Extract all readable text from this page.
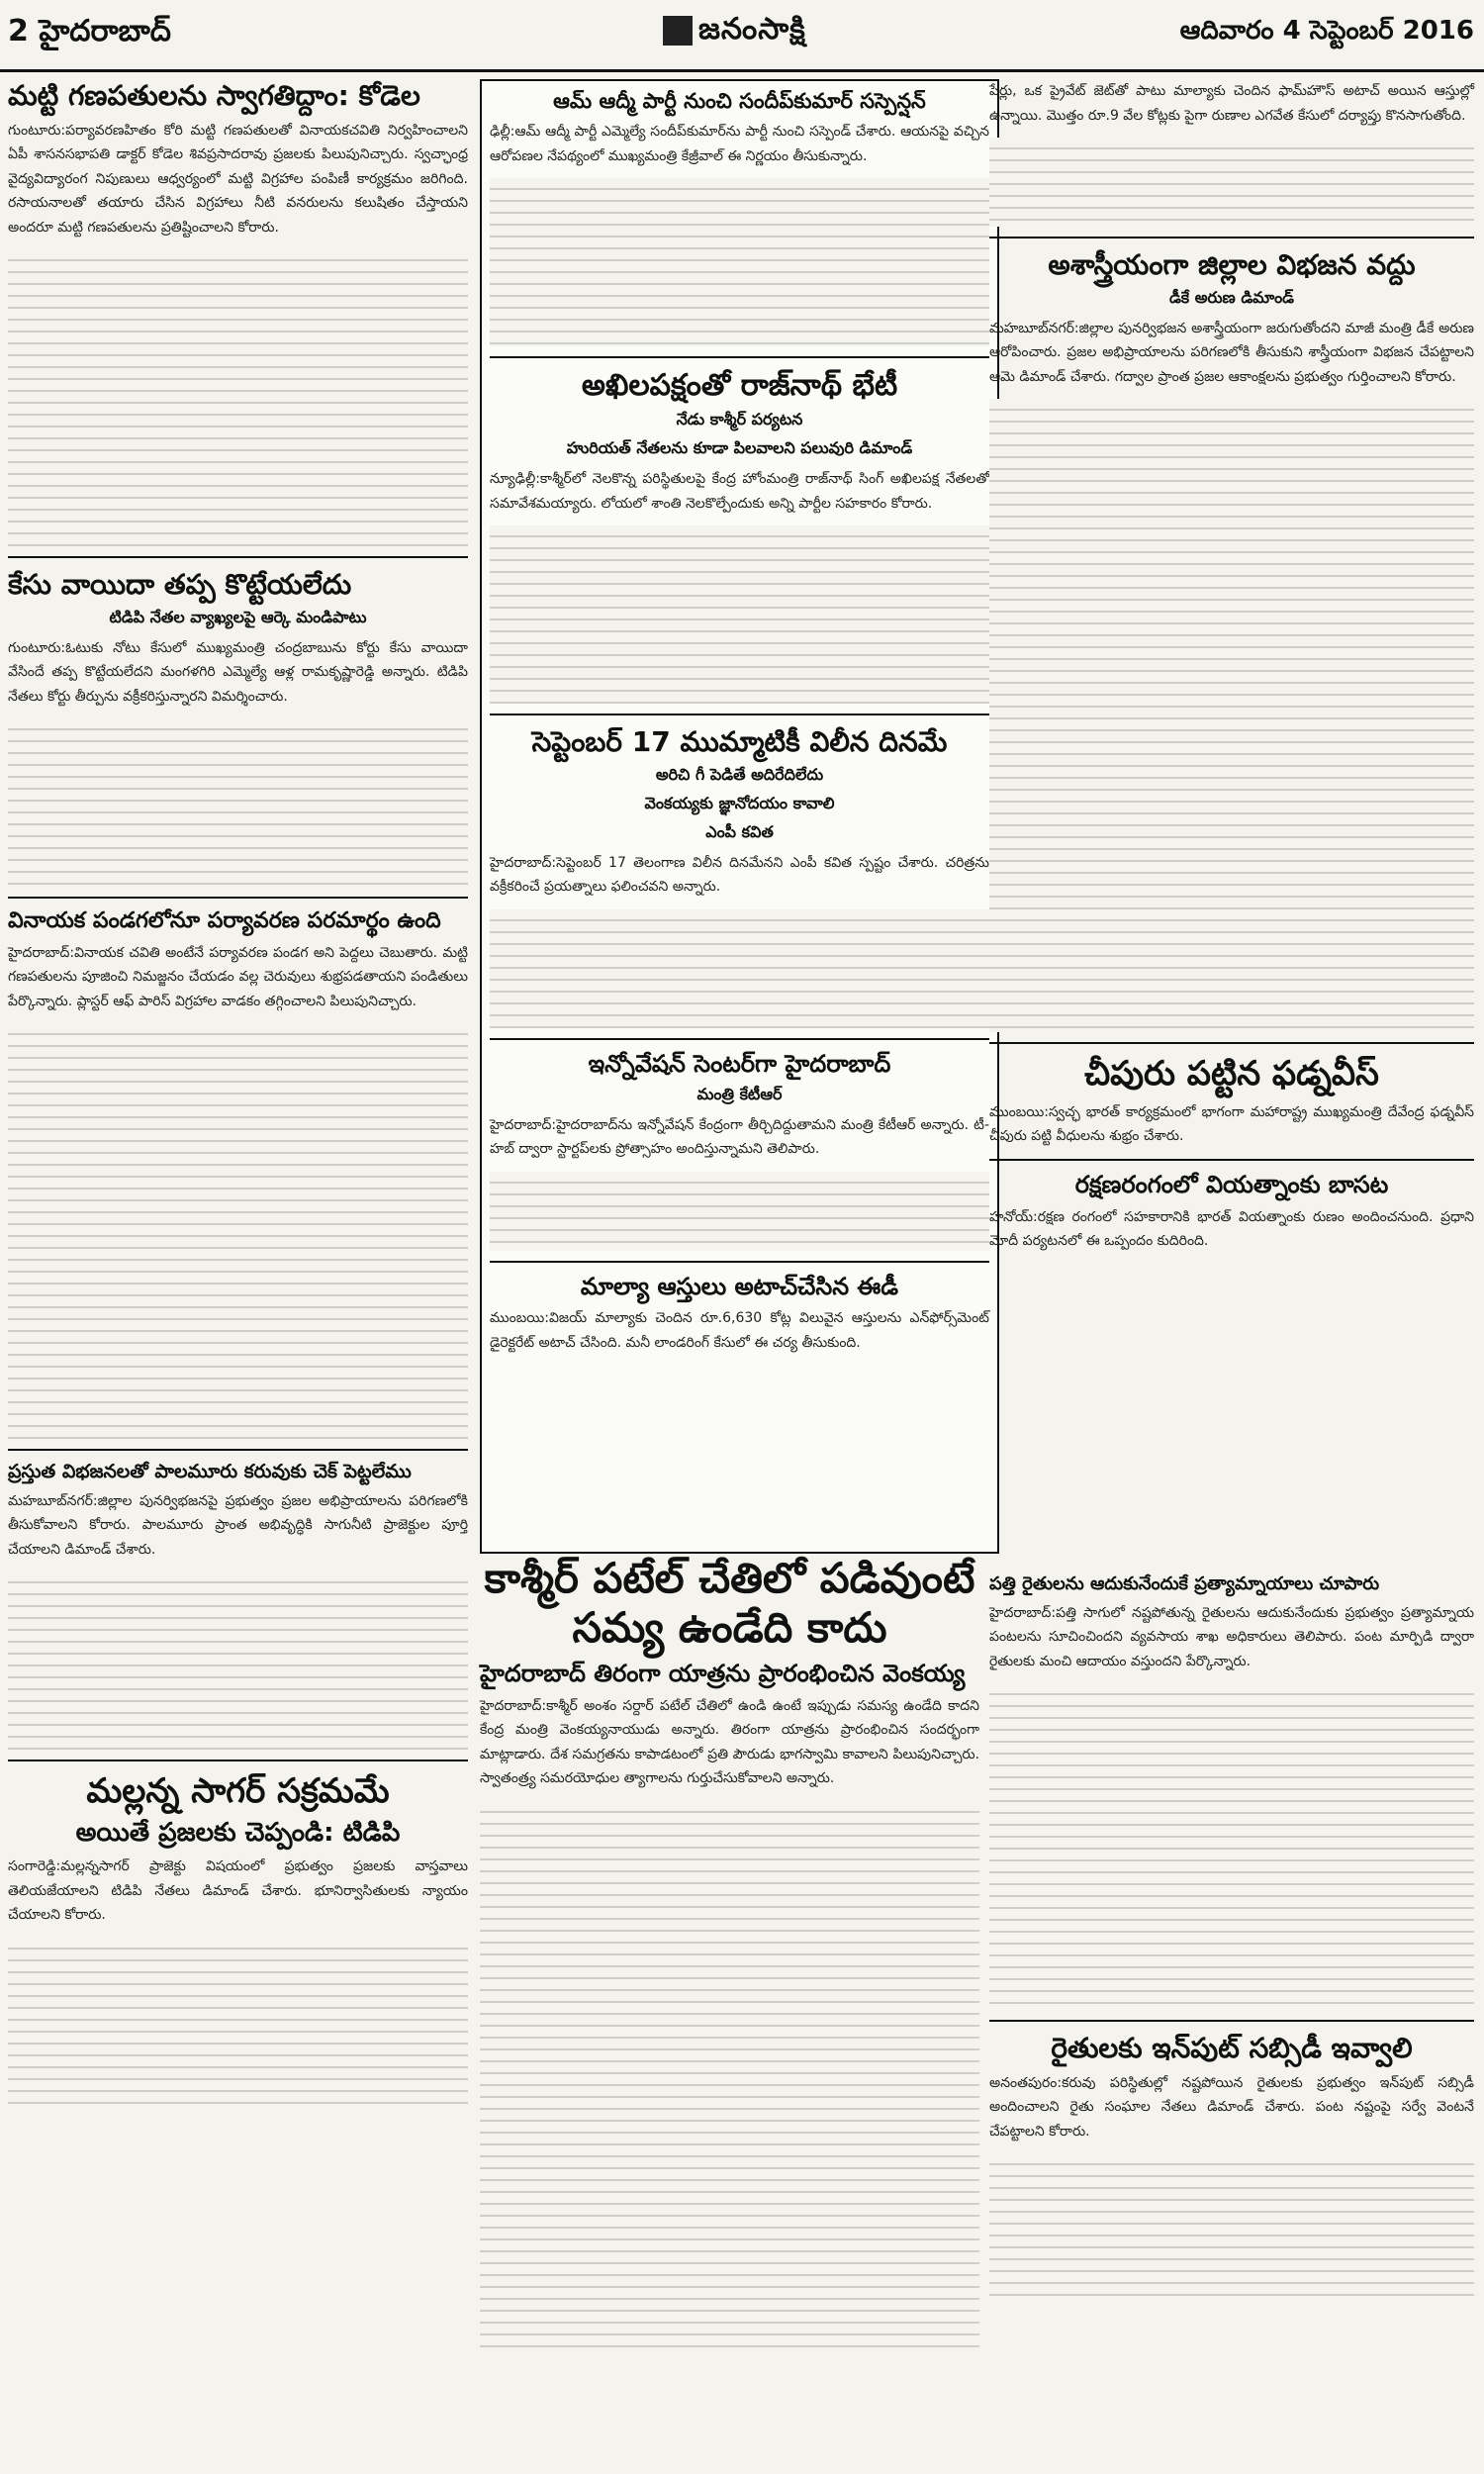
2 హైదరాబాద్	జనంసాక్షి	ఆదివారం 4 సెప్టెంబర్ 2016
మట్టి గణపతులను స్వాగతిద్దాం: కోడెల

గుంటూరు:పర్యావరణహితం కోరి మట్టి గణపతులతో వినాయకచవితి నిర్వహించాలని ఏపీ శాసనసభాపతి డాక్టర్ కోడెల శివప్రసాదరావు ప్రజలకు పిలుపునిచ్చారు. స్వచ్ఛాంధ్ర వైద్యవిద్యారంగ నిపుణులు ఆధ్వర్యంలో మట్టి విగ్రహాల పంపిణీ కార్యక్రమం జరిగింది. రసాయనాలతో తయారు చేసిన విగ్రహాలు నీటి వనరులను కలుషితం చేస్తాయని అందరూ మట్టి గణపతులను ప్రతిష్టించాలని కోరారు.

కేసు వాయిదా తప్ప కొట్టేయలేదు
టిడిపి నేతల వ్యాఖ్యలపై ఆర్కె మండిపాటు

గుంటూరు:ఓటుకు నోటు కేసులో ముఖ్యమంత్రి చంద్రబాబును కోర్టు కేసు వాయిదా వేసిందే తప్ప కొట్టేయలేదని మంగళగిరి ఎమ్మెల్యే ఆళ్ల రామకృష్ణారెడ్డి అన్నారు. టిడిపి నేతలు కోర్టు తీర్పును వక్రీకరిస్తున్నారని విమర్శించారు.

వినాయక పండగలోనూ పర్యావరణ పరమార్థం ఉంది

హైదరాబాద్:వినాయక చవితి అంటేనే పర్యావరణ పండగ అని పెద్దలు చెబుతారు. మట్టి గణపతులను పూజించి నిమజ్జనం చేయడం వల్ల చెరువులు శుభ్రపడతాయని పండితులు పేర్కొన్నారు. ప్లాస్టర్ ఆఫ్ పారిస్ విగ్రహాల వాడకం తగ్గించాలని పిలుపునిచ్చారు.

ప్రస్తుత విభజనలతో పాలమూరు కరువుకు చెక్ పెట్టలేము

మహబూబ్‌నగర్:జిల్లాల పునర్విభజనపై ప్రభుత్వం ప్రజల అభిప్రాయాలను పరిగణలోకి తీసుకోవాలని కోరారు. పాలమూరు ప్రాంత అభివృద్ధికి సాగునీటి ప్రాజెక్టుల పూర్తి చేయాలని డిమాండ్ చేశారు.

మల్లన్న సాగర్ సక్రమమే
అయితే ప్రజలకు చెప్పండి: టిడిపి

సంగారెడ్డి:మల్లన్నసాగర్ ప్రాజెక్టు విషయంలో ప్రభుత్వం ప్రజలకు వాస్తవాలు తెలియజేయాలని టిడిపి నేతలు డిమాండ్ చేశారు. భూనిర్వాసితులకు న్యాయం చేయాలని కోరారు.

ఆమ్ ఆద్మీ పార్టీ నుంచి సందీప్‌కుమార్ సస్పెన్షన్

ఢిల్లీ:ఆమ్ ఆద్మీ పార్టీ ఎమ్మెల్యే సందీప్‌కుమార్‌ను పార్టీ నుంచి సస్పెండ్ చేశారు. ఆయనపై వచ్చిన ఆరోపణల నేపథ్యంలో ముఖ్యమంత్రి కేజ్రీవాల్ ఈ నిర్ణయం తీసుకున్నారు.

అఖిలపక్షంతో రాజ్‌నాథ్ భేటీ
నేడు కాశ్మీర్ పర్యటన
హురియత్ నేతలను కూడా పిలవాలని పలువురి డిమాండ్

న్యూఢిల్లీ:కాశ్మీర్‌లో నెలకొన్న పరిస్థితులపై కేంద్ర హోంమంత్రి రాజ్‌నాథ్ సింగ్ అఖిలపక్ష నేతలతో సమావేశమయ్యారు. లోయలో శాంతి నెలకొల్పేందుకు అన్ని పార్టీల సహకారం కోరారు.

సెప్టెంబర్ 17 ముమ్మాటికీ విలీన దినమే
అరిచి గీ పెడితే అదిరేదిలేదు
వెంకయ్యకు జ్ఞానోదయం కావాలి
ఎంపీ కవిత

హైదరాబాద్:సెప్టెంబర్ 17 తెలంగాణ విలీన దినమేనని ఎంపీ కవిత స్పష్టం చేశారు. చరిత్రను వక్రీకరించే ప్రయత్నాలు ఫలించవని అన్నారు.

ఇన్నోవేషన్ సెంటర్‌గా హైదరాబాద్
మంత్రి కేటీఆర్

హైదరాబాద్:హైదరాబాద్‌ను ఇన్నోవేషన్ కేంద్రంగా తీర్చిదిద్దుతామని మంత్రి కేటీఆర్ అన్నారు. టీ-హబ్ ద్వారా స్టార్టప్‌లకు ప్రోత్సాహం అందిస్తున్నామని తెలిపారు.

మాల్యా ఆస్తులు అటాచ్‌చేసిన ఈడీ

ముంబయి:విజయ్ మాల్యాకు చెందిన రూ.6,630 కోట్ల విలువైన ఆస్తులను ఎన్‌ఫోర్స్‌మెంట్ డైరెక్టరేట్ అటాచ్ చేసింది. మనీ లాండరింగ్ కేసులో ఈ చర్య తీసుకుంది.

పేర్లు, ఒక ప్రైవేట్ జెట్‌తో పాటు మాల్యాకు చెందిన ఫామ్‌హౌస్ అటాచ్ అయిన ఆస్తుల్లో ఉన్నాయి. మొత్తం రూ.9 వేల కోట్లకు పైగా రుణాల ఎగవేత కేసులో దర్యాప్తు కొనసాగుతోంది.

అశాస్త్రీయంగా జిల్లాల విభజన వద్దు
డీకే అరుణ డిమాండ్

మహబూబ్‌నగర్:జిల్లాల పునర్విభజన అశాస్త్రీయంగా జరుగుతోందని మాజీ మంత్రి డీకే అరుణ ఆరోపించారు. ప్రజల అభిప్రాయాలను పరిగణలోకి తీసుకుని శాస్త్రీయంగా విభజన చేపట్టాలని ఆమె డిమాండ్ చేశారు. గద్వాల ప్రాంత ప్రజల ఆకాంక్షలను ప్రభుత్వం గుర్తించాలని కోరారు.

చీపురు పట్టిన ఫడ్నవీస్

ముంబయి:స్వచ్ఛ భారత్ కార్యక్రమంలో భాగంగా మహారాష్ట్ర ముఖ్యమంత్రి దేవేంద్ర ఫడ్నవీస్ చీపురు పట్టి వీధులను శుభ్రం చేశారు.

రక్షణరంగంలో వియత్నాంకు బాసట

హనోయ్:రక్షణ రంగంలో సహకారానికి భారత్ వియత్నాంకు రుణం అందించనుంది. ప్రధాని మోదీ పర్యటనలో ఈ ఒప్పందం కుదిరింది.

కాశ్మీర్ పటేల్ చేతిలో పడివుంటే సమ్య ఉండేది కాదు
హైదరాబాద్ తిరంగా యాత్రను ప్రారంభించిన వెంకయ్య

హైదరాబాద్:కాశ్మీర్ అంశం సర్దార్ పటేల్ చేతిలో ఉండి ఉంటే ఇప్పుడు సమస్య ఉండేది కాదని కేంద్ర మంత్రి వెంకయ్యనాయుడు అన్నారు. తిరంగా యాత్రను ప్రారంభించిన సందర్భంగా మాట్లాడారు. దేశ సమగ్రతను కాపాడటంలో ప్రతి పౌరుడు భాగస్వామి కావాలని పిలుపునిచ్చారు. స్వాతంత్ర్య సమరయోధుల త్యాగాలను గుర్తుచేసుకోవాలని అన్నారు.

పత్తి రైతులను ఆదుకునేందుకే ప్రత్యామ్నాయాలు చూపారు

హైదరాబాద్:పత్తి సాగులో నష్టపోతున్న రైతులను ఆదుకునేందుకు ప్రభుత్వం ప్రత్యామ్నాయ పంటలను సూచించిందని వ్యవసాయ శాఖ అధికారులు తెలిపారు. పంట మార్పిడి ద్వారా రైతులకు మంచి ఆదాయం వస్తుందని పేర్కొన్నారు.

రైతులకు ఇన్‌పుట్ సబ్సిడీ ఇవ్వాలి

అనంతపురం:కరువు పరిస్థితుల్లో నష్టపోయిన రైతులకు ప్రభుత్వం ఇన్‌పుట్ సబ్సిడీ అందించాలని రైతు సంఘాల నేతలు డిమాండ్ చేశారు. పంట నష్టంపై సర్వే వెంటనే చేపట్టాలని కోరారు.
